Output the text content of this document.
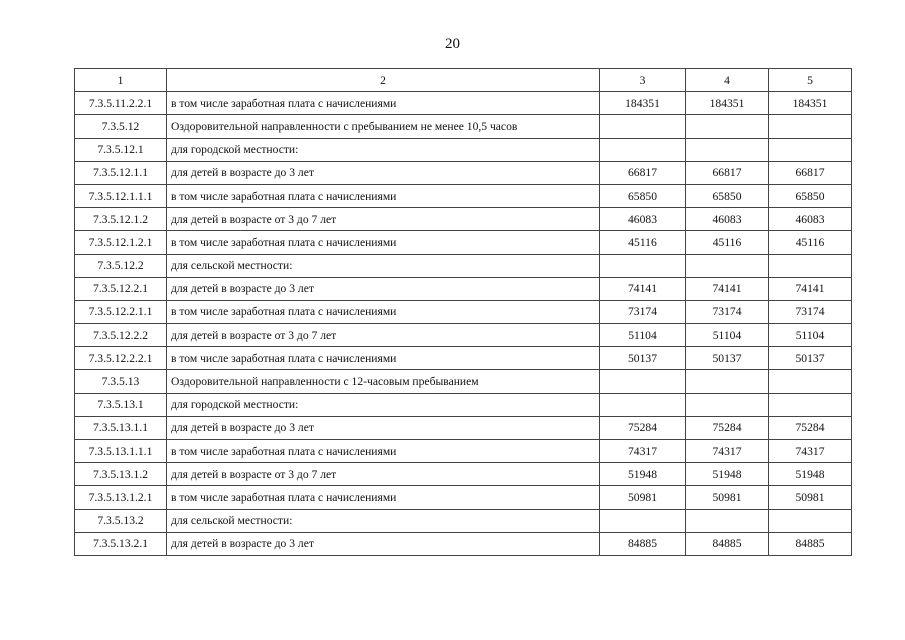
20
1	2	3	4	5
7.3.5.11.2.2.1	в том числе заработная плата с начислениями	184351	184351	184351
7.3.5.12	Оздоровительной направленности с пребыванием не менее 10,5 часов			
7.3.5.12.1	для городской местности:			
7.3.5.12.1.1	для детей в возрасте до 3 лет	66817	66817	66817
7.3.5.12.1.1.1	в том числе заработная плата с начислениями	65850	65850	65850
7.3.5.12.1.2	для детей в возрасте от 3 до 7 лет	46083	46083	46083
7.3.5.12.1.2.1	в том числе заработная плата с начислениями	45116	45116	45116
7.3.5.12.2	для сельской местности:			
7.3.5.12.2.1	для детей в возрасте до 3 лет	74141	74141	74141
7.3.5.12.2.1.1	в том числе заработная плата с начислениями	73174	73174	73174
7.3.5.12.2.2	для детей в возрасте от 3 до 7 лет	51104	51104	51104
7.3.5.12.2.2.1	в том числе заработная плата с начислениями	50137	50137	50137
7.3.5.13	Оздоровительной направленности с 12-часовым пребыванием			
7.3.5.13.1	для городской местности:			
7.3.5.13.1.1	для детей в возрасте до 3 лет	75284	75284	75284
7.3.5.13.1.1.1	в том числе заработная плата с начислениями	74317	74317	74317
7.3.5.13.1.2	для детей в возрасте от 3 до 7 лет	51948	51948	51948
7.3.5.13.1.2.1	в том числе заработная плата с начислениями	50981	50981	50981
7.3.5.13.2	для сельской местности:			
7.3.5.13.2.1	для детей в возрасте до 3 лет	84885	84885	84885
